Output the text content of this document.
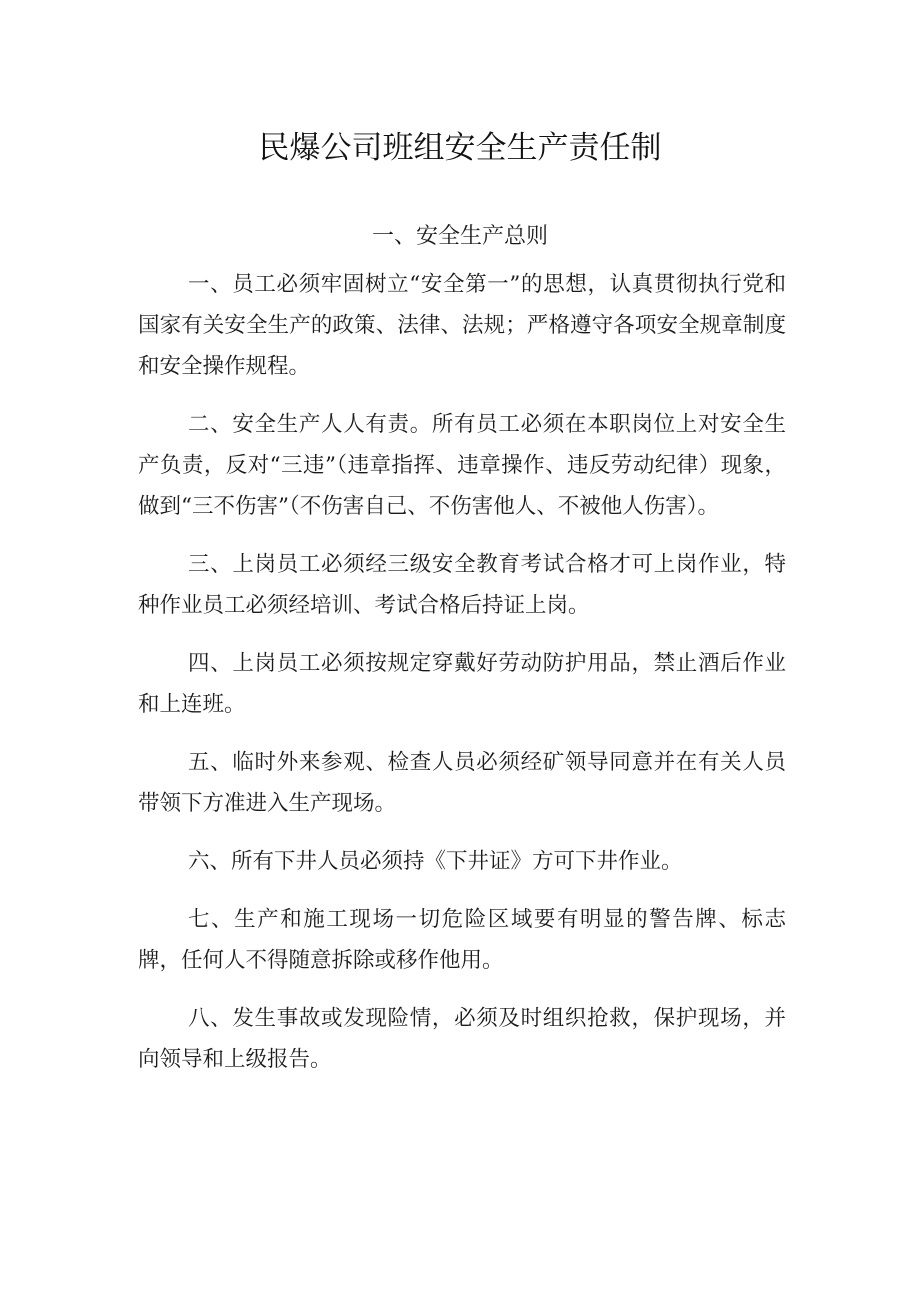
民爆公司班组安全生产责任制
一、安全生产总则

一、员工必须牢固树立“安全第一”的思想，认真贯彻执行党和国家有关安全生产的政策、法律、法规；严格遵守各项安全规章制度和安全操作规程。

二、安全生产人人有责。所有员工必须在本职岗位上对安全生产负责，反对“三违”（违章指挥、违章操作、违反劳动纪律）现象，做到“三不伤害”（不伤害自己、不伤害他人、不被他人伤害）。

三、上岗员工必须经三级安全教育考试合格才可上岗作业，特种作业员工必须经培训、考试合格后持证上岗。

四、上岗员工必须按规定穿戴好劳动防护用品，禁止酒后作业和上连班。

五、临时外来参观、检查人员必须经矿领导同意并在有关人员带领下方准进入生产现场。

六、所有下井人员必须持《下井证》方可下井作业。

七、生产和施工现场一切危险区域要有明显的警告牌、标志牌，任何人不得随意拆除或移作他用。

八、发生事故或发现险情，必须及时组织抢救，保护现场，并向领导和上级报告。
